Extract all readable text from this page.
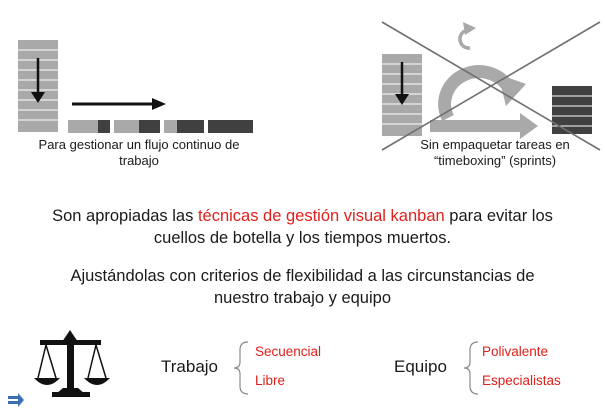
Para gestionar un flujo continuo de
trabajo
Sin empaquetar tareas en
“timeboxing” (sprints)
Son apropiadas las técnicas de gestión visual kanban para evitar los
cuellos de botella y los tiempos muertos.
Ajustándolas con criterios de flexibilidad a las circunstancias de
nuestro trabajo y equipo
Trabajo
Secuencial
Libre
Equipo
Polivalente
Especialistas
